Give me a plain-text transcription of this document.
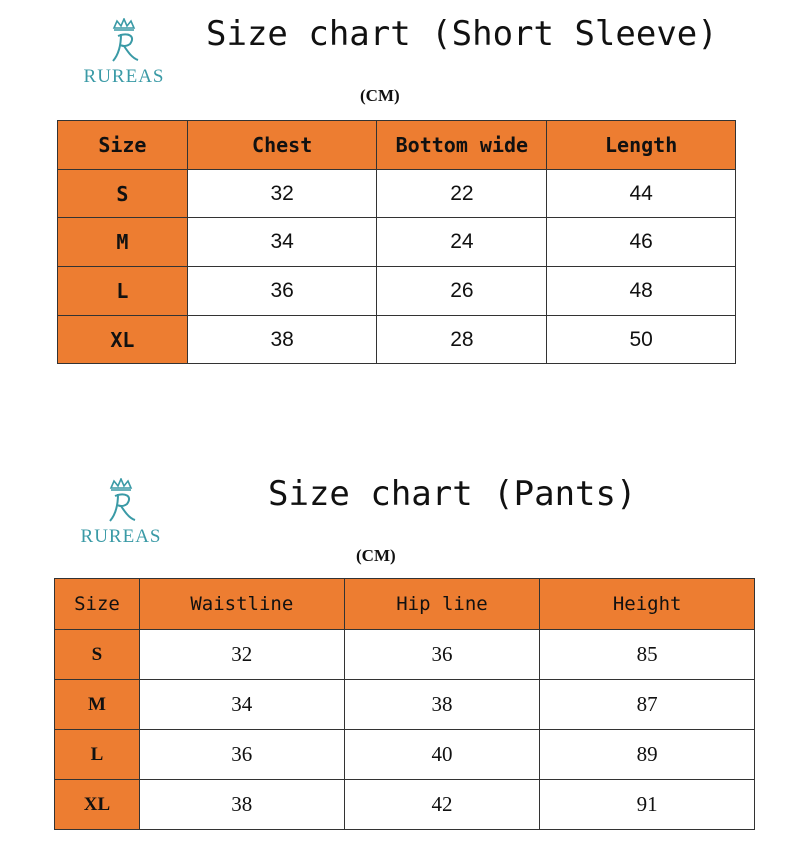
RUREAS
Size chart (Short Sleeve)
(CM)
Size	Chest	Bottom wide	Length
S	32	22	44
M	34	24	46
L	36	26	48
XL	38	28	50
RUREAS
Size chart (Pants)
(CM)
Size	Waistline	Hip line	Height
S	32	36	85
M	34	38	87
L	36	40	89
XL	38	42	91
